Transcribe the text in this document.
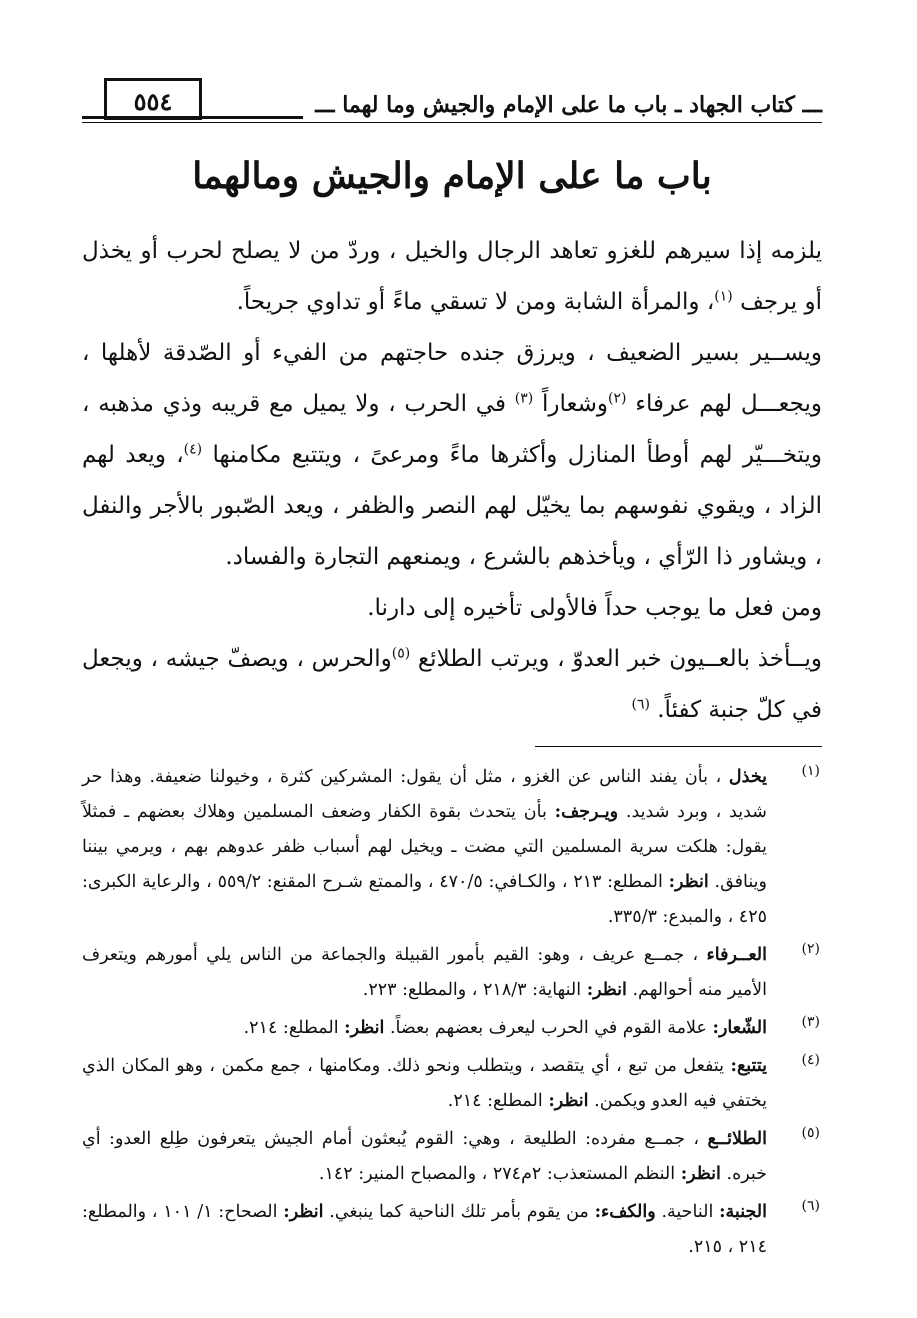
ـــ كتاب الجهاد ـ باب ما على الإمام والجيش وما لهما ـــ
٥٥٤
باب ما على الإمام والجيش ومالهما

يلزمه إذا سيرهم للغزو تعاهد الرجال والخيل ، وردّ من لا يصلح لحرب أو يخذل أو يرجف $^{(١)}$، والمرأة الشابة ومن لا تسقي ماءً أو تداوي جريحاً.

ويســير بسير الضعيف ، ويرزق جنده حاجتهم من الفيء أو الصّدقة لأهلها ، ويجعـــل لهم عرفاء $^{(٢)}$وشعاراً $^{(٣)}$ في الحرب ، ولا يميل مع قريبه وذي مذهبه ، ويتخـــيّر لهم أوطأ المنازل وأكثرها ماءً ومرعىً ، ويتتبع مكامنها $^{(٤)}$، ويعد لهم الزاد ، ويقوي نفوسهم بما يخيّل لهم النصر والظفر ، ويعد الصّبور بالأجر والنفل ، ويشاور ذا الرّأي ، ويأخذهم بالشرع ، ويمنعهم التجارة والفساد.

ومن فعل ما يوجب حداً فالأولى تأخيره إلى دارنا.

ويــأخذ بالعــيون خبر العدوّ ، ويرتب الطلائع $^{(٥)}$والحرس ، ويصفّ جيشه ، ويجعل في كلّ جنبة كفئاً. $^{(٦)}$

(١)
يخذل ، بأن يفند الناس عن الغزو ، مثل أن يقول: المشركين كثرة ، وخيولنا ضعيفة. وهذا حر شديد ، وبرد شديد. ويـرجف: بأن يتحدث بقوة الكفار وضعف المسلمين وهلاك بعضهم ـ فمثلاً يقول: هلكت سرية المسلمين التي مضت ـ ويخيل لهم أسباب ظفر عدوهم بهم ، ويرمي بيننا وينافق. انظر: المطلع: ٢١٣ ، والكـافي: ٤٧٠/٥ ، والممتع شـرح المقنع: ٥٥٩/٢ ، والرعاية الكبرى: ٤٢٥ ، والمبدع: ٣٣٥/٣.
(٢)
العــرفاء ، جمــع عريف ، وهو: القيم بأمور القبيلة والجماعة من الناس يلي أمورهم ويتعرف الأمير منه أحوالهم. انظر: النهاية: ٢١٨/٣ ، والمطلع: ٢٢٣.
(٣)
الشّعار: علامة القوم في الحرب ليعرف بعضهم بعضاً. انظر: المطلع: ٢١٤.
(٤)
يتتبع: يتفعل من تبع ، أي يتقصد ، ويتطلب ونحو ذلك. ومكامنها ، جمع مكمن ، وهو المكان الذي يختفي فيه العدو ويكمن. انظر: المطلع: ٢١٤.
(٥)
الطلائــع ، جمــع مفرده: الطليعة ، وهي: القوم يُبعثون أمام الجيش يتعرفون طِلع العدو: أي خبره. انظر: النظم المستعذب: ٢م٢٧٤ ، والمصباح المنير: ١٤٢.
(٦)
الجنبة: الناحية. والكفء: من يقوم بأمر تلك الناحية كما ينبغي. انظر: الصحاح: ١/ ١٠١ ، والمطلع: ٢١٤ ، ٢١٥.
